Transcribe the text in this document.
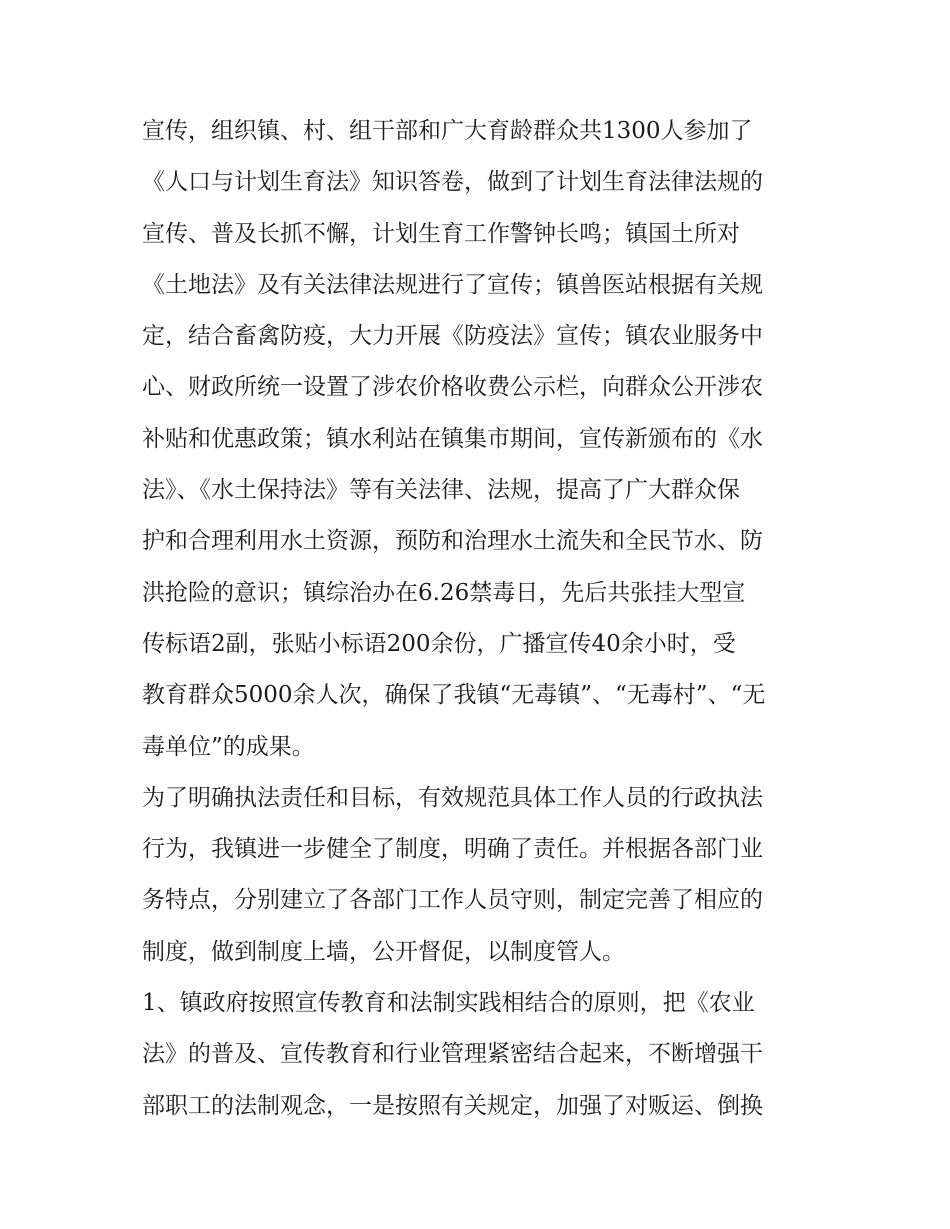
宣传，组织镇、村、组干部和广大育龄群众共1300人参加了
《人口与计划生育法》知识答卷，做到了计划生育法律法规的
宣传、普及长抓不懈，计划生育工作警钟长鸣；镇国土所对
《土地法》及有关法律法规进行了宣传；镇兽医站根据有关规
定，结合畜禽防疫，大力开展《防疫法》宣传；镇农业服务中
心、财政所统一设置了涉农价格收费公示栏，向群众公开涉农
补贴和优惠政策；镇水利站在镇集市期间，宣传新颁布的《水
法》、《水土保持法》等有关法律、法规，提高了广大群众保
护和合理利用水土资源，预防和治理水土流失和全民节水、防
洪抢险的意识；镇综治办在6.26禁毒日，先后共张挂大型宣
传标语2副，张贴小标语200余份，广播宣传40余小时，受
教育群众5000余人次，确保了我镇“无毒镇”、“无毒村”、“无
毒单位”的成果。
为了明确执法责任和目标，有效规范具体工作人员的行政执法
行为，我镇进一步健全了制度，明确了责任。并根据各部门业
务特点，分别建立了各部门工作人员守则，制定完善了相应的
制度，做到制度上墙，公开督促，以制度管人。
1、镇政府按照宣传教育和法制实践相结合的原则，把《农业
法》的普及、宣传教育和行业管理紧密结合起来，不断增强干
部职工的法制观念，一是按照有关规定，加强了对贩运、倒换
